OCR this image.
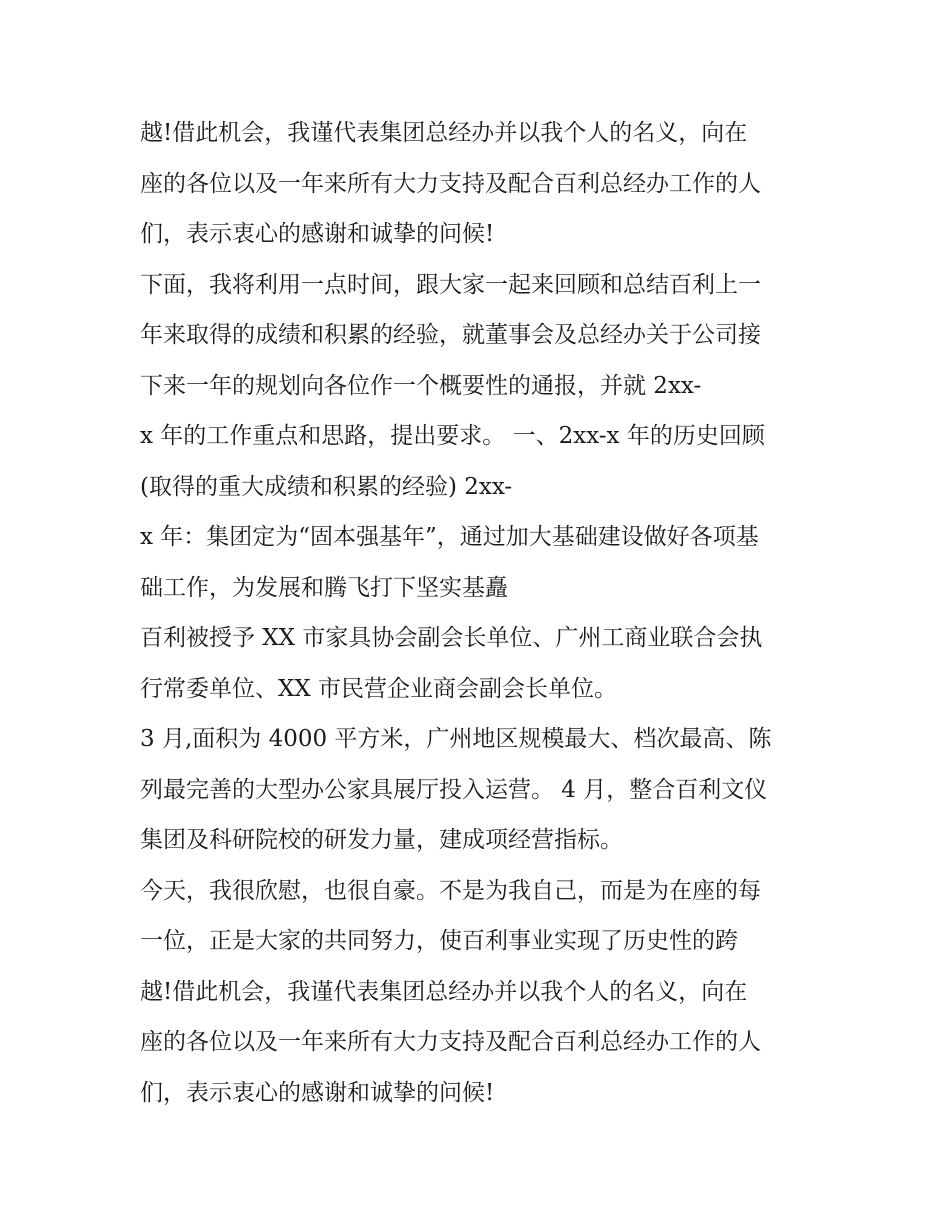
越!借此机会，我谨代表集团总经办并以我个人的名义，向在
座的各位以及一年来所有大力支持及配合百利总经办工作的人
们，表示衷心的感谢和诚挚的问候!
下面，我将利用一点时间，跟大家一起来回顾和总结百利上一
年来取得的成绩和积累的经验，就董事会及总经办关于公司接
下来一年的规划向各位作一个概要性的通报，并就 2xx-
x 年的工作重点和思路，提出要求。 一、2xx-x 年的历史回顾
(取得的重大成绩和积累的经验) 2xx-
x 年：集团定为“固本强基年”，通过加大基础建设做好各项基
础工作，为发展和腾飞打下坚实基矗
百利被授予 XX 市家具协会副会长单位、广州工商业联合会执
行常委单位、XX 市民营企业商会副会长单位。
3 月,面积为 4000 平方米，广州地区规模最大、档次最高、陈
列最完善的大型办公家具展厅投入运营。 4 月，整合百利文仪
集团及科研院校的研发力量，建成项经营指标。
今天，我很欣慰，也很自豪。不是为我自己，而是为在座的每
一位，正是大家的共同努力，使百利事业实现了历史性的跨
越!借此机会，我谨代表集团总经办并以我个人的名义，向在
座的各位以及一年来所有大力支持及配合百利总经办工作的人
们，表示衷心的感谢和诚挚的问候!
